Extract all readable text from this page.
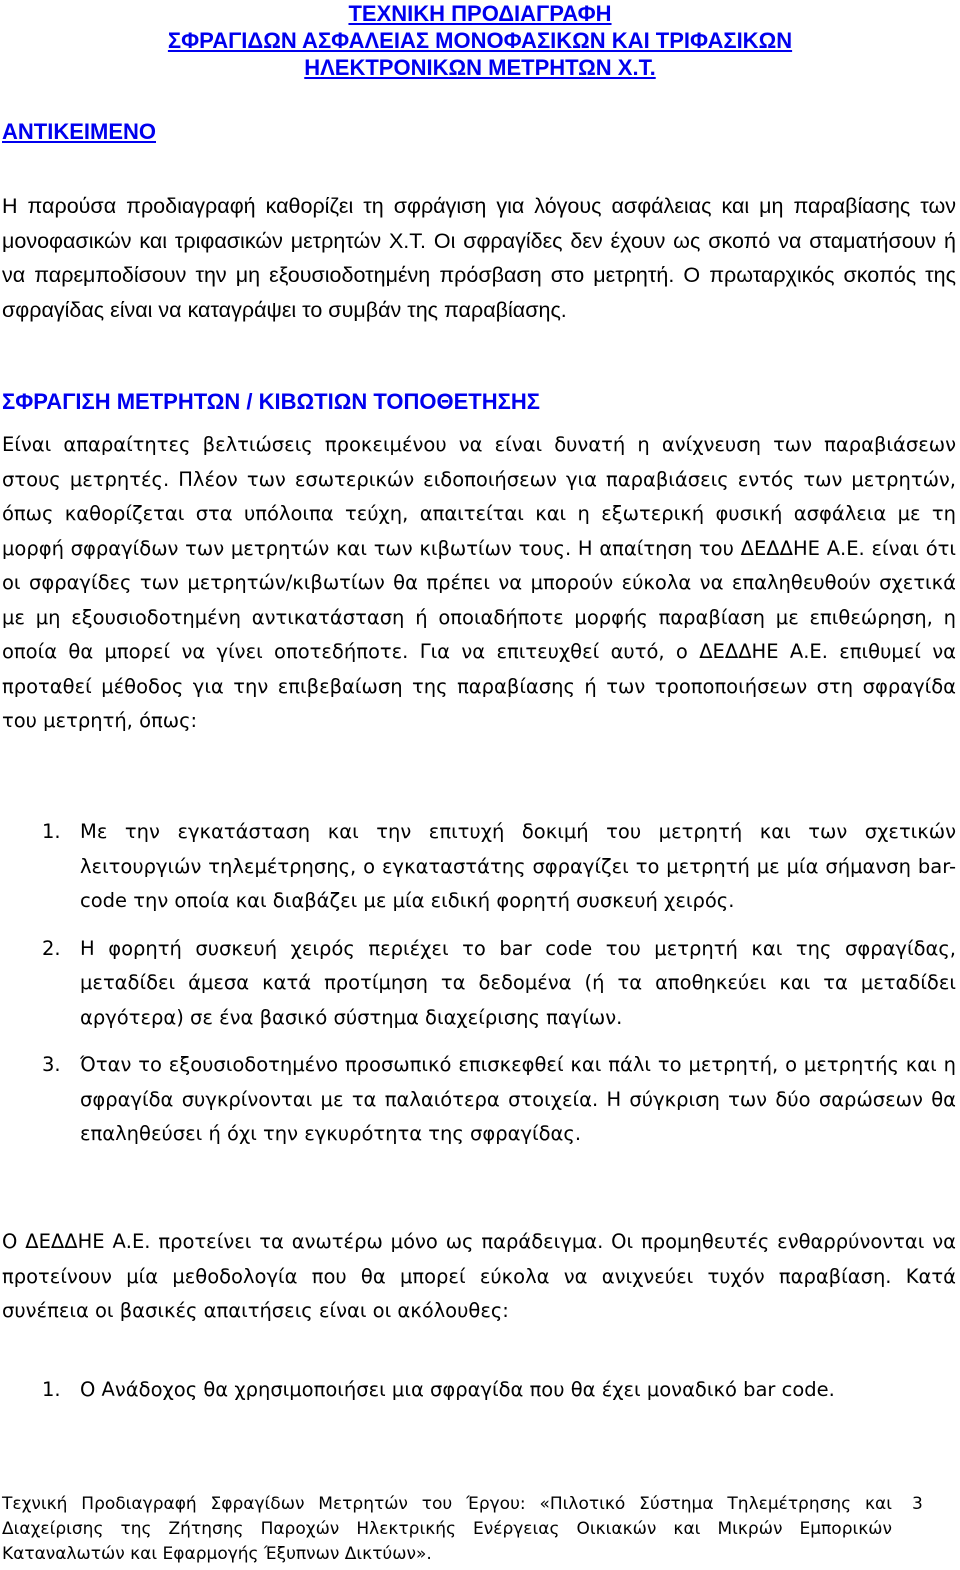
ΤΕΧΝΙΚΗ ΠΡΟΔΙΑΓΡΑΦΗ
ΣΦΡΑΓΙΔΩΝ ΑΣΦΑΛΕΙΑΣ ΜΟΝΟΦΑΣΙΚΩΝ ΚΑΙ ΤΡΙΦΑΣΙΚΩΝ
ΗΛΕΚΤΡΟΝΙΚΩΝ ΜΕΤΡΗΤΩΝ Χ.Τ.
ΑΝΤΙΚΕΙΜΕΝΟ

Η παρούσα προδιαγραφή καθορίζει τη σφράγιση για λόγους ασφάλειας και μη παραβίασης των μονοφασικών και τριφασικών μετρητών Χ.Τ. Οι σφραγίδες δεν έχουν ως σκοπό να σταματήσουν ή να παρεμποδίσουν την μη εξουσιοδοτημένη πρόσβαση στο μετρητή. Ο πρωταρχικός σκοπός της σφραγίδας είναι να καταγράψει το συμβάν της παραβίασης.

ΣΦΡΑΓΙΣΗ ΜΕΤΡΗΤΩΝ / ΚΙΒΩΤΙΩΝ ΤΟΠΟΘΕΤΗΣΗΣ

Είναι απαραίτητες βελτιώσεις προκειμένου να είναι δυνατή η ανίχνευση των παραβιάσεων στους μετρητές. Πλέον των εσωτερικών ειδοποιήσεων για παραβιάσεις εντός των μετρητών, όπως καθορίζεται στα υπόλοιπα τεύχη, απαιτείται και η εξωτερική φυσική ασφάλεια με τη μορφή σφραγίδων των μετρητών και των κιβωτίων τους. Η απαίτηση του ΔΕΔΔΗΕ Α.Ε. είναι ότι οι σφραγίδες των μετρητών/κιβωτίων θα πρέπει να μπορούν εύκολα να επαληθευθούν σχετικά με μη εξουσιοδοτημένη αντικατάσταση ή οποιαδήποτε μορφής παραβίαση με επιθεώρηση, η οποία θα μπορεί να γίνει οποτεδήποτε. Για να επιτευχθεί αυτό, ο ΔΕΔΔΗΕ Α.Ε. επιθυμεί να προταθεί μέθοδος για την επιβεβαίωση της παραβίασης ή των τροποποιήσεων στη σφραγίδα του μετρητή, όπως:

1. Με την εγκατάσταση και την επιτυχή δοκιμή του μετρητή και των σχετικών λειτουργιών τηλεμέτρησης, ο εγκαταστάτης σφραγίζει το μετρητή με μία σήμανση bar-code την οποία και διαβάζει με μία ειδική φορητή συσκευή χειρός.
2. Η φορητή συσκευή χειρός περιέχει το bar code του μετρητή και της σφραγίδας, μεταδίδει άμεσα κατά προτίμηση τα δεδομένα (ή τα αποθηκεύει και τα μεταδίδει αργότερα) σε ένα βασικό σύστημα διαχείρισης παγίων.
3. Όταν το εξουσιοδοτημένο προσωπικό επισκεφθεί και πάλι το μετρητή, ο μετρητής και η σφραγίδα συγκρίνονται με τα παλαιότερα στοιχεία. Η σύγκριση των δύο σαρώσεων θα επαληθεύσει ή όχι την εγκυρότητα της σφραγίδας.

Ο ΔΕΔΔΗΕ Α.Ε. προτείνει τα ανωτέρω μόνο ως παράδειγμα. Οι προμηθευτές ενθαρρύνονται να προτείνουν μία μεθοδολογία που θα μπορεί εύκολα να ανιχνεύει τυχόν παραβίαση. Κατά συνέπεια οι βασικές απαιτήσεις είναι οι ακόλουθες:

1. Ο Ανάδοχος θα χρησιμοποιήσει μια σφραγίδα που θα έχει μοναδικό bar code.
Τεχνική Προδιαγραφή Σφραγίδων Μετρητών του Έργου: «Πιλοτικό Σύστημα Τηλεμέτρησης και Διαχείρισης της Ζήτησης Παροχών Ηλεκτρικής Ενέργειας Οικιακών και Μικρών Εμπορικών Καταναλωτών και Εφαρμογής Έξυπνων Δικτύων».
3
